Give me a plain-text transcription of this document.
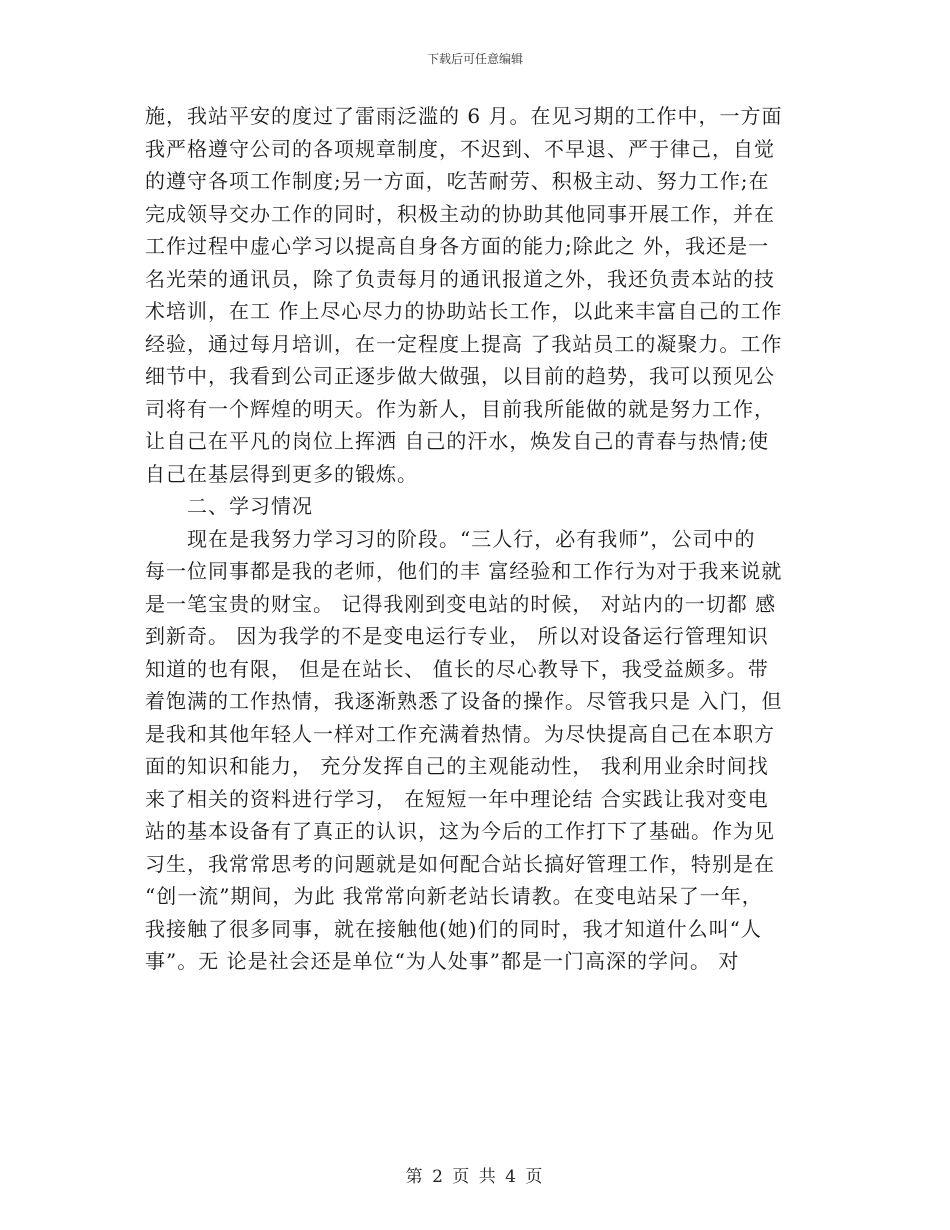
下载后可任意编辑
施，我站平安的度过了雷雨泛滥的 6 月。在见习期的工作中，一方面
我严格遵守公司的各项规章制度，不迟到、不早退、严于律己，自觉
的遵守各项工作制度;另一方面，吃苦耐劳、积极主动、努力工作;在
完成领导交办工作的同时，积极主动的协助其他同事开展工作，并在
工作过程中虚心学习以提高自身各方面的能力;除此之 外，我还是一
名光荣的通讯员，除了负责每月的通讯报道之外，我还负责本站的技
术培训，在工 作上尽心尽力的协助站长工作，以此来丰富自己的工作
经验，通过每月培训，在一定程度上提高 了我站员工的凝聚力。工作
细节中，我看到公司正逐步做大做强，以目前的趋势，我可以预见公
司将有一个辉煌的明天。作为新人，目前我所能做的就是努力工作，
让自己在平凡的岗位上挥洒 自己的汗水，焕发自己的青春与热情;使
自己在基层得到更多的锻炼。
　　二、学习情况
　　现在是我努力学习习的阶段。“三人行，必有我师”，公司中的
每一位同事都是我的老师，他们的丰 富经验和工作行为对于我来说就
是一笔宝贵的财宝。 记得我刚到变电站的时候， 对站内的一切都 感
到新奇。 因为我学的不是变电运行专业， 所以对设备运行管理知识
知道的也有限， 但是在站长、 值长的尽心教导下，我受益颇多。带
着饱满的工作热情，我逐渐熟悉了设备的操作。尽管我只是 入门，但
是我和其他年轻人一样对工作充满着热情。为尽快提高自己在本职方
面的知识和能力， 充分发挥自己的主观能动性， 我利用业余时间找
来了相关的资料进行学习， 在短短一年中理论结 合实践让我对变电
站的基本设备有了真正的认识，这为今后的工作打下了基础。作为见
习生，我常常思考的问题就是如何配合站长搞好管理工作，特别是在
“创一流”期间，为此 我常常向新老站长请教。在变电站呆了一年，
我接触了很多同事，就在接触他(她)们的同时，我才知道什么叫“人
事”。无 论是社会还是单位“为人处事”都是一门高深的学问。 对
第 2 页 共 4 页
